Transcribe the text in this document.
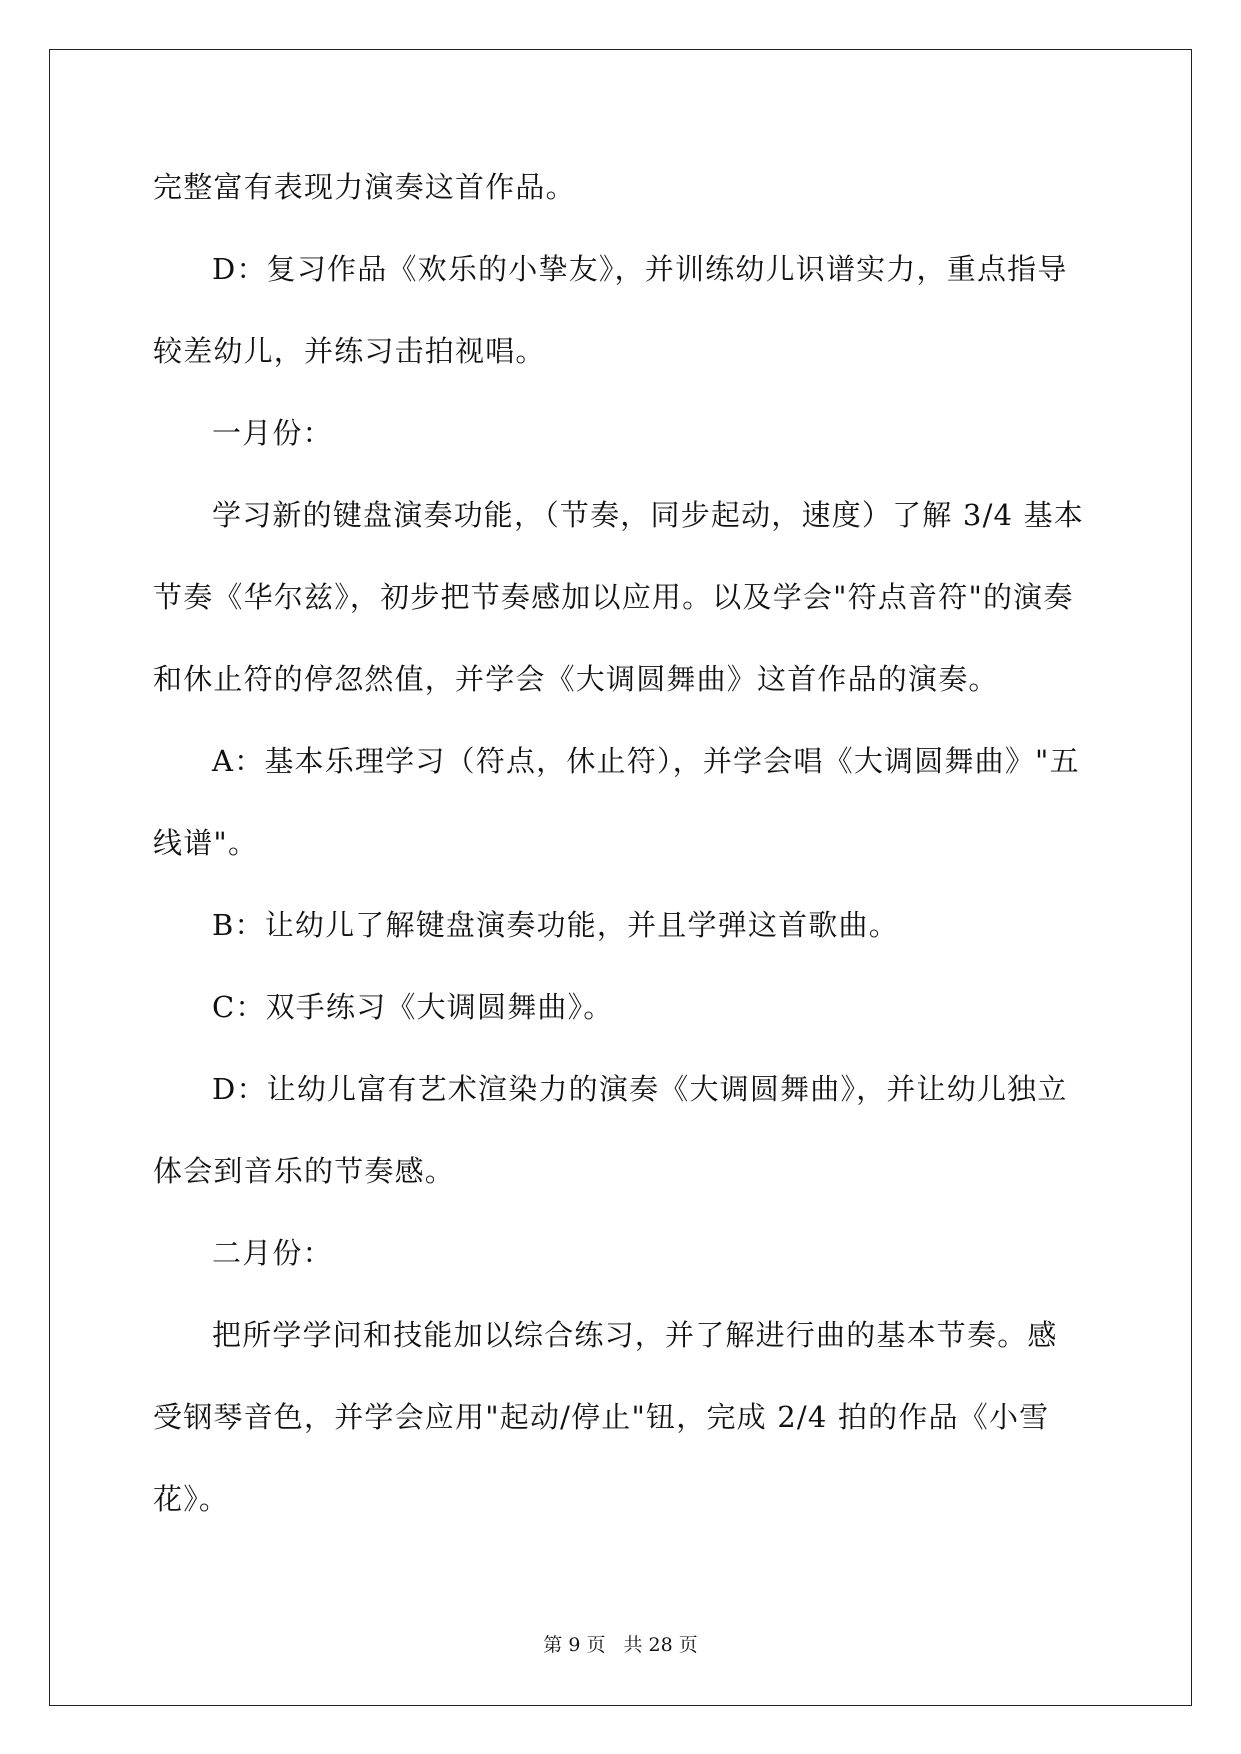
完整富有表现力演奏这首作品。
D：复习作品《欢乐的小挚友》，并训练幼儿识谱实力，重点指导
较差幼儿，并练习击拍视唱。
一月份：
学习新的键盘演奏功能，（节奏，同步起动，速度）了解 3/4 基本
节奏《华尔兹》，初步把节奏感加以应用。以及学会"符点音符"的演奏
和休止符的停忽然值，并学会《大调圆舞曲》这首作品的演奏。
A：基本乐理学习（符点，休止符），并学会唱《大调圆舞曲》"五
线谱"。
B：让幼儿了解键盘演奏功能，并且学弹这首歌曲。
C：双手练习《大调圆舞曲》。
D：让幼儿富有艺术渲染力的演奏《大调圆舞曲》，并让幼儿独立
体会到音乐的节奏感。
二月份：
把所学学问和技能加以综合练习，并了解进行曲的基本节奏。感
受钢琴音色，并学会应用"起动/停止"钮，完成 2/4 拍的作品《小雪
花》。
第 9 页 共 28 页
